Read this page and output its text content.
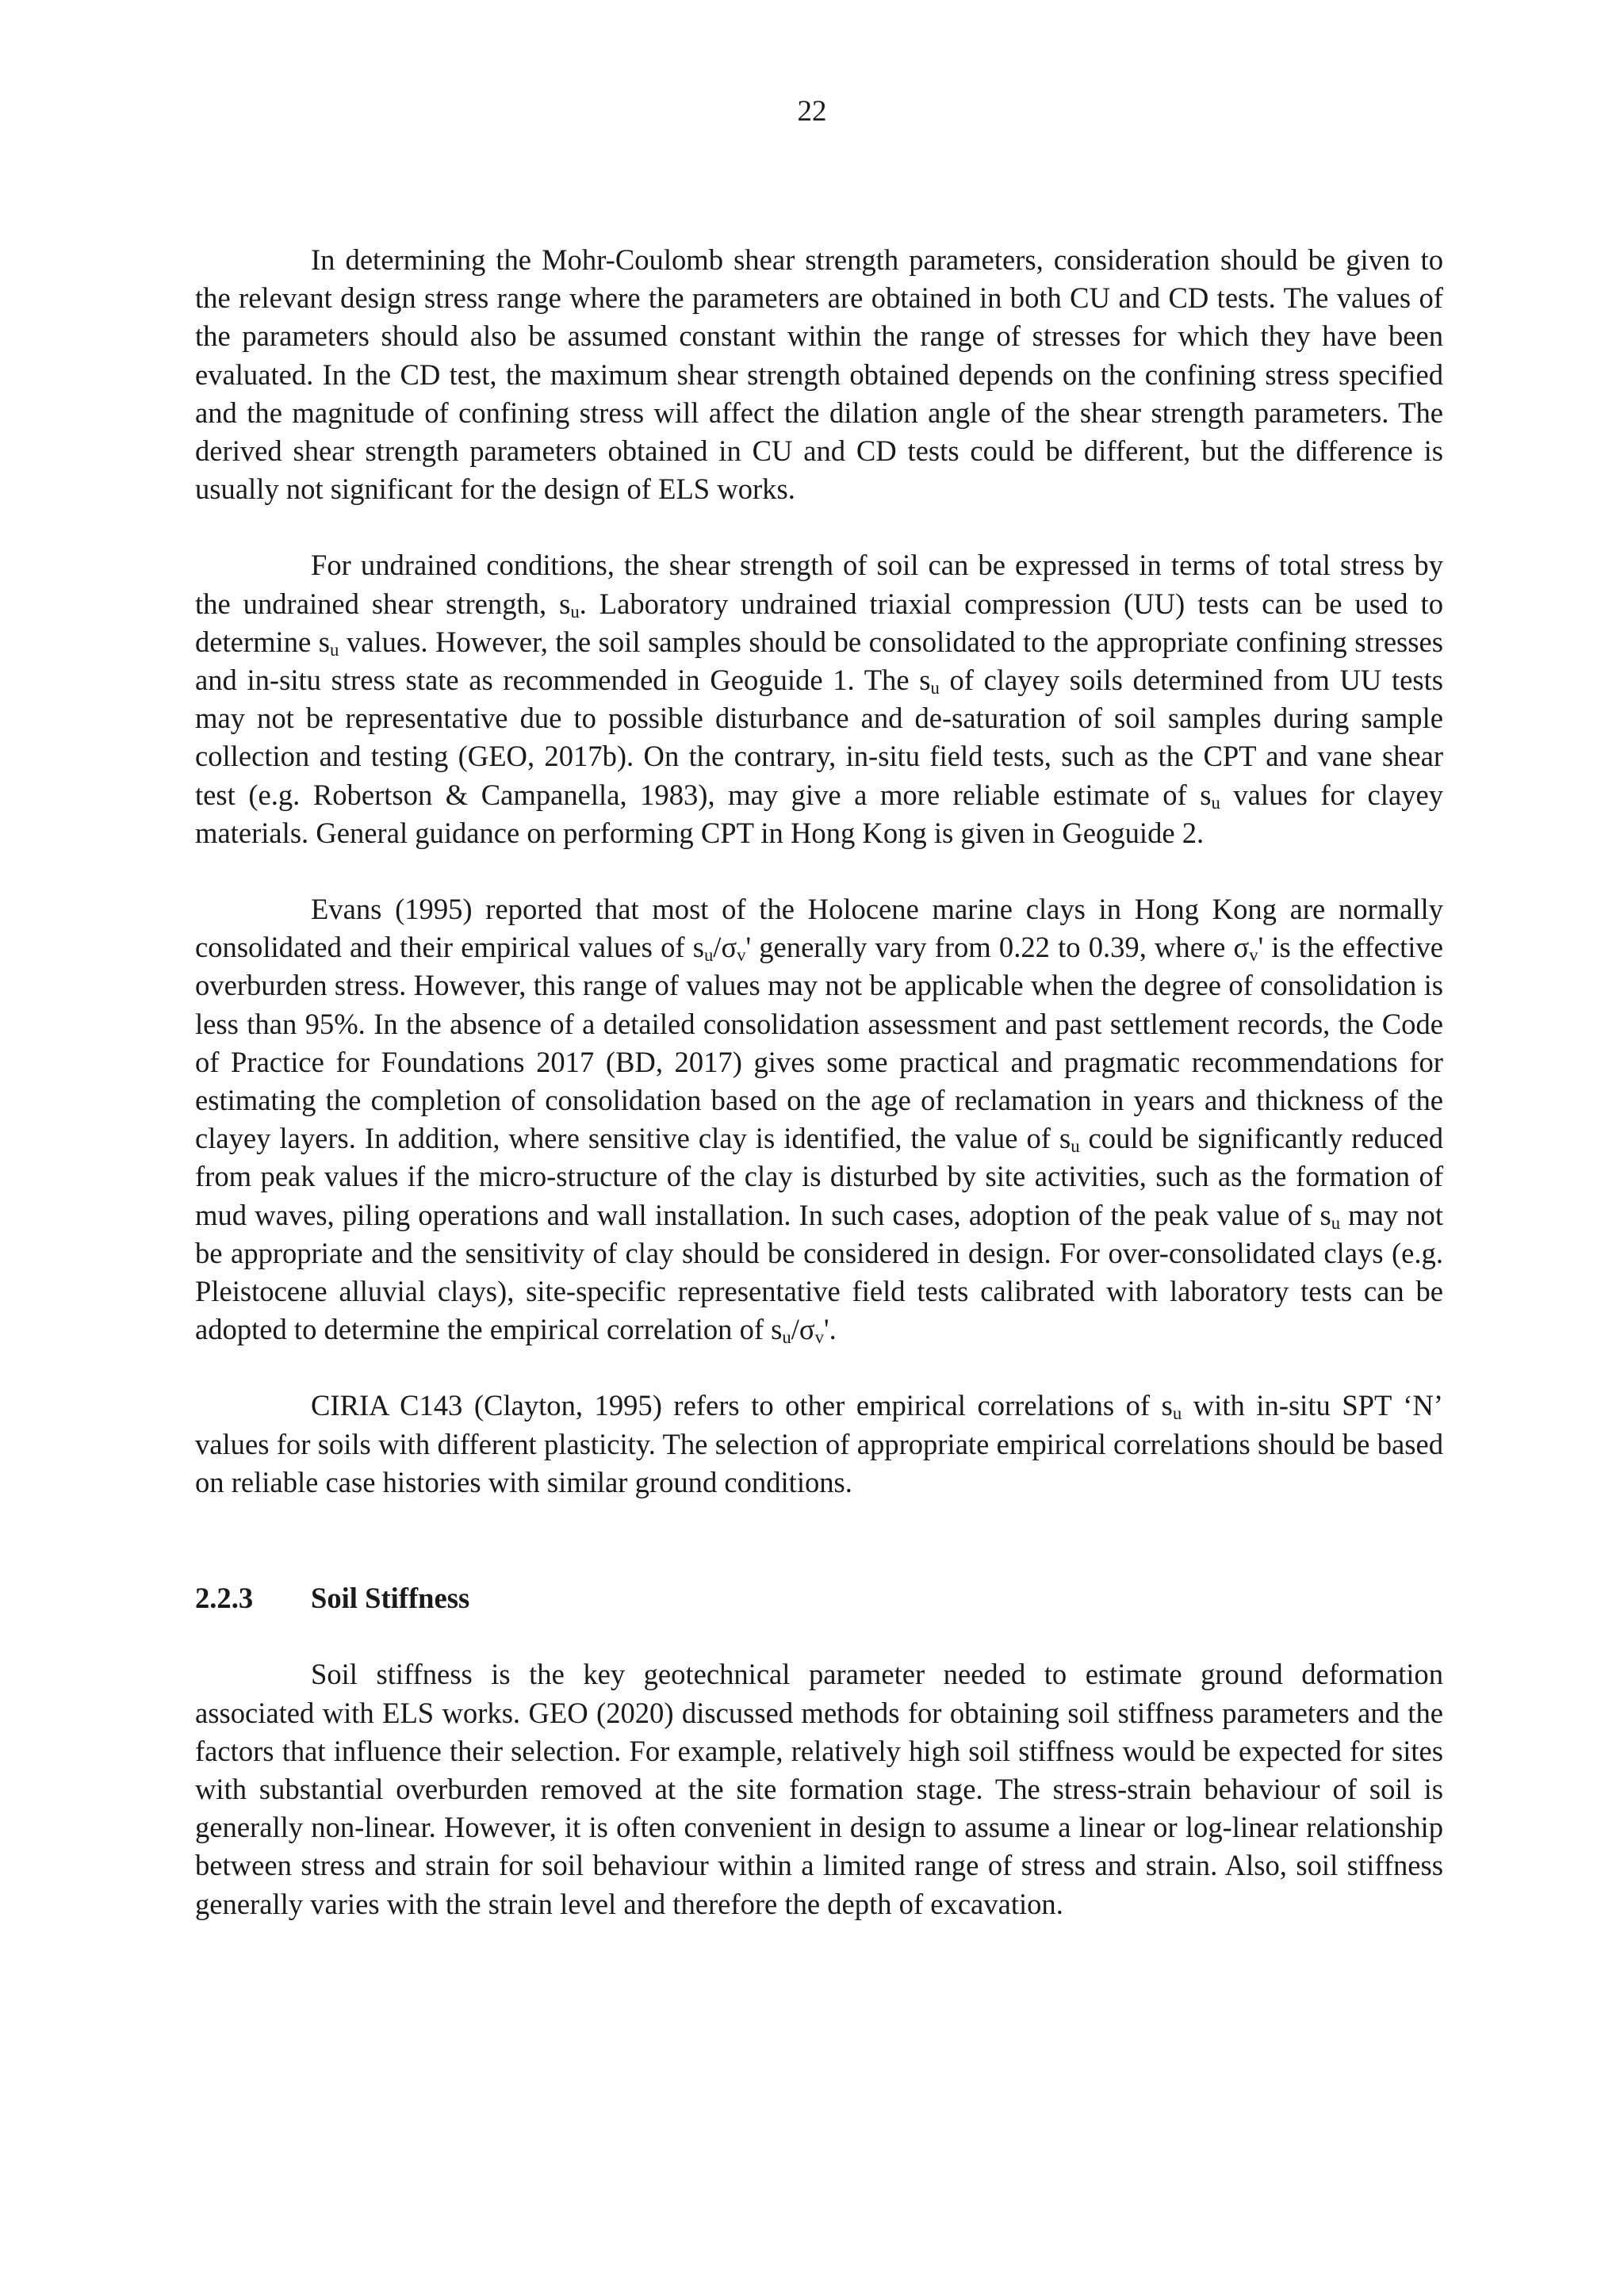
22

In determining the Mohr-Coulomb shear strength parameters, consideration should be given to the relevant design stress range where the parameters are obtained in both CU and CD tests. The values of the parameters should also be assumed constant within the range of stresses for which they have been evaluated. In the CD test, the maximum shear strength obtained depends on the confining stress specified and the magnitude of confining stress will affect the dilation angle of the shear strength parameters. The derived shear strength parameters obtained in CU and CD tests could be different, but the difference is usually not significant for the design of ELS works.

For undrained conditions, the shear strength of soil can be expressed in terms of total stress by the undrained shear strength, $s_u$. Laboratory undrained triaxial compression (UU) tests can be used to determine $s_u$ values. However, the soil samples should be consolidated to the appropriate confining stresses and in-situ stress state as recommended in Geoguide 1. The $s_u$ of clayey soils determined from UU tests may not be representative due to possible disturbance and de-saturation of soil samples during sample collection and testing (GEO, 2017b). On the contrary, in-situ field tests, such as the CPT and vane shear test (e.g. Robertson & Campanella, 1983), may give a more reliable estimate of $s_u$ values for clayey materials. General guidance on performing CPT in Hong Kong is given in Geoguide 2.

Evans (1995) reported that most of the Holocene marine clays in Hong Kong are normally consolidated and their empirical values of $s_u/\sigma_v'$ generally vary from 0.22 to 0.39, where $\sigma_v'$ is the effective overburden stress. However, this range of values may not be applicable when the degree of consolidation is less than 95%. In the absence of a detailed consolidation assessment and past settlement records, the Code of Practice for Foundations 2017 (BD, 2017) gives some practical and pragmatic recommendations for estimating the completion of consolidation based on the age of reclamation in years and thickness of the clayey layers. In addition, where sensitive clay is identified, the value of $s_u$ could be significantly reduced from peak values if the micro-structure of the clay is disturbed by site activities, such as the formation of mud waves, piling operations and wall installation. In such cases, adoption of the peak value of $s_u$ may not be appropriate and the sensitivity of clay should be considered in design. For over-consolidated clays (e.g. Pleistocene alluvial clays), site-specific representative field tests calibrated with laboratory tests can be adopted to determine the empirical correlation of $s_u/\sigma_v'$.

CIRIA C143 (Clayton, 1995) refers to other empirical correlations of $s_u$ with in-situ SPT ‘N’ values for soils with different plasticity. The selection of appropriate empirical correlations should be based on reliable case histories with similar ground conditions.

2.2.3	Soil Stiffness

Soil stiffness is the key geotechnical parameter needed to estimate ground deformation associated with ELS works. GEO (2020) discussed methods for obtaining soil stiffness parameters and the factors that influence their selection. For example, relatively high soil stiffness would be expected for sites with substantial overburden removed at the site formation stage. The stress-strain behaviour of soil is generally non-linear. However, it is often convenient in design to assume a linear or log-linear relationship between stress and strain for soil behaviour within a limited range of stress and strain. Also, soil stiffness generally varies with the strain level and therefore the depth of excavation.
